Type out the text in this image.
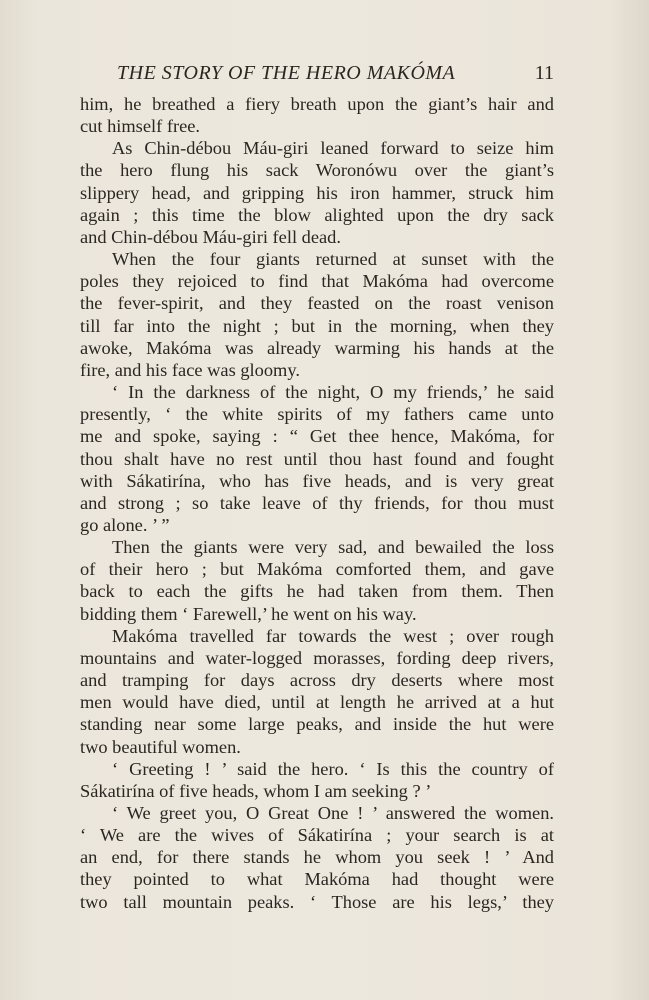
THE STORY OF THE HERO MAKÓMA	11

him, he breathed a fiery breath upon the giant’s hair and

cut himself free.

As Chin-débou Máu-giri leaned forward to seize him

the hero flung his sack Woronówu over the giant’s

slippery head, and gripping his iron hammer, struck him

again ; this time the blow alighted upon the dry sack

and Chin-débou Máu-giri fell dead.

When the four giants returned at sunset with the

poles they rejoiced to find that Makóma had overcome

the fever-spirit, and they feasted on the roast venison

till far into the night ; but in the morning, when they

awoke, Makóma was already warming his hands at the

fire, and his face was gloomy.

‘ In the darkness of the night, O my friends,’ he said

presently, ‘ the white spirits of my fathers came unto

me and spoke, saying : “ Get thee hence, Makóma, for

thou shalt have no rest until thou hast found and fought

with Sákatirína, who has five heads, and is very great

and strong ; so take leave of thy friends, for thou must

go alone. ’ ”

Then the giants were very sad, and bewailed the loss

of their hero ; but Makóma comforted them, and gave

back to each the gifts he had taken from them. Then

bidding them ‘ Farewell,’ he went on his way.

Makóma travelled far towards the west ; over rough

mountains and water-logged morasses, fording deep rivers,

and tramping for days across dry deserts where most

men would have died, until at length he arrived at a hut

standing near some large peaks, and inside the hut were

two beautiful women.

‘ Greeting ! ’ said the hero. ‘ Is this the country of

Sákatirína of five heads, whom I am seeking ? ’

‘ We greet you, O Great One ! ’ answered the women.

‘ We are the wives of Sákatirína ; your search is at

an end, for there stands he whom you seek ! ’ And

they pointed to what Makóma had thought were

two tall mountain peaks. ‘ Those are his legs,’ they
